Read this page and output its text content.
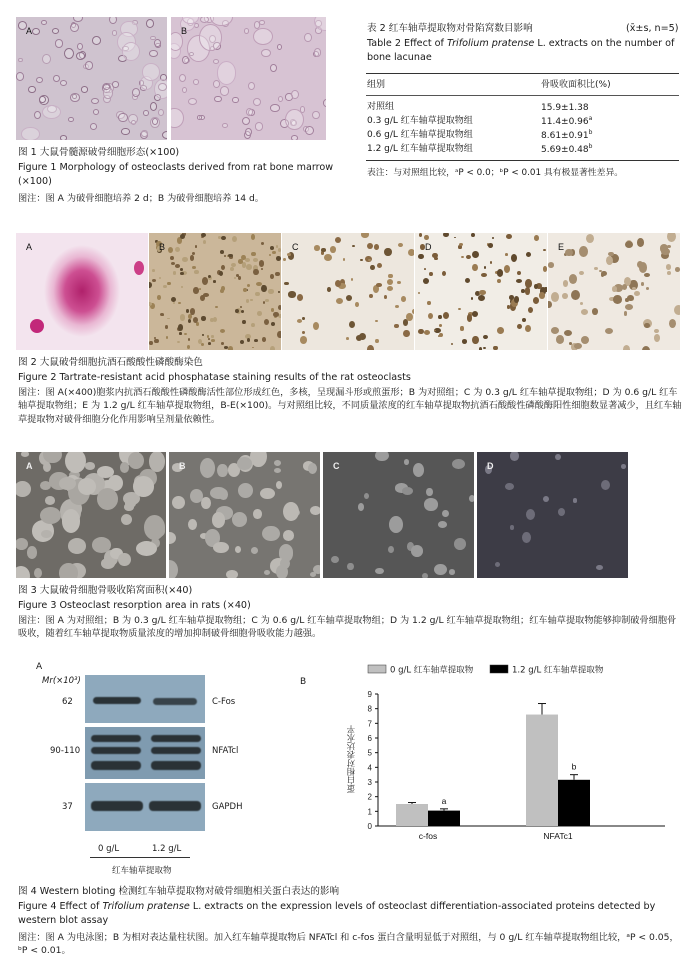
A	B
图 1 大鼠骨髓源破骨细胞形态(×100)
Figure 1 Morphology of osteoclasts derived from rat bone marrow (×100)
图注：图 A 为破骨细胞培养 2 d；B 为破骨细胞培养 14 d。
表 2 红车轴草提取物对骨陷窝数目影响	(x̄±s, n=5)
Table 2 Effect of Trifolium pratense L. extracts on the number of bone lacunae
组别	骨吸收面积比(%)
对照组	15.9±1.38
0.3 g/L 红车轴草提取物组	11.4±0.96$^a$
0.6 g/L 红车轴草提取物组	8.61±0.91$^b$
1.2 g/L 红车轴草提取物组	5.69±0.48$^b$
表注：与对照组比较，ᵃP < 0.0；ᵇP < 0.01 具有极显著性差异。
A	B	C	D	E
图 2 大鼠破骨细胞抗酒石酸酸性磷酸酶染色
Figure 2 Tartrate-resistant acid phosphatase staining results of the rat osteoclasts
图注：图 A(×400)胞浆内抗酒石酸酸性磷酸酶活性部位形成红色，多核，呈现漏斗形或煎蛋形；B 为对照组；C 为 0.3 g/L 红车轴草提取物组；D 为 0.6 g/L 红车轴草提取物组；E 为 1.2 g/L 红车轴草提取物组，B-E(×100)。与对照组比较，不同质量浓度的红车轴草提取物抗酒石酸酸性磷酸酶阳性细胞数显著减少，且红车轴草提取物对破骨细胞分化作用影响呈剂量依赖性。
A	B	C	D
图 3 大鼠破骨细胞骨吸收陷窝面积(×40)
Figure 3 Osteoclast resorption area in rats (×40)
图注：图 A 为对照组；B 为 0.3 g/L 红车轴草提取物组；C 为 0.6 g/L 红车轴草提取物组；D 为 1.2 g/L 红车轴草提取物组；红车轴草提取物能够抑制破骨细胞骨吸收，随着红车轴草提取物质量浓度的增加抑制破骨细胞骨吸收能力越强。
A
Mr(×10³)
62	C-Fos
90-110	NFATcl
37	GAPDH
0 g/L	1.2 g/L
红车轴草提取物
B
0
1
2
3
4
5
6
7
8
9
0 g/L 红车轴草提取物	1.2 g/L 红车轴草提取物
a
c-fos
b
NFATc1
蛋白相对表达水平
图 4 Western bloting 检测红车轴草提取物对破骨细胞相关蛋白表达的影响
Figure 4 Effect of Trifolium pratense L. extracts on the expression levels of osteoclast differentiation-associated proteins detected by western blot assay
图注：图 A 为电泳图；B 为相对表达量柱状图。加入红车轴草提取物后 NFATcl 和 c-fos 蛋白含量明显低于对照组，与 0 g/L 红车轴草提取物组比较，ᵃP < 0.05，ᵇP < 0.01。
